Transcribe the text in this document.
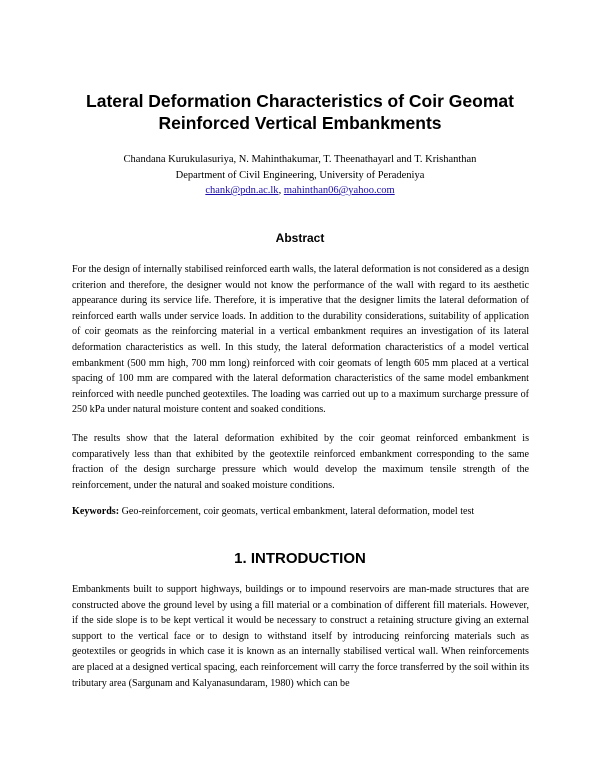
Lateral Deformation Characteristics of Coir Geomat
Reinforced Vertical Embankments
Chandana Kurukulasuriya, N. Mahinthakumar, T. Theenathayarl and T. Krishanthan
Department of Civil Engineering, University of Peradeniya
chank@pdn.ac.lk, mahinthan06@yahoo.com
Abstract

For the design of internally stabilised reinforced earth walls, the lateral deformation is not considered as a design criterion and therefore, the designer would not know the performance of the wall with regard to its aesthetic appearance during its service life. Therefore, it is imperative that the designer limits the lateral deformation of reinforced earth walls under service loads. In addition to the durability considerations, suitability of application of coir geomats as the reinforcing material in a vertical embankment requires an investigation of its lateral deformation characteristics as well. In this study, the lateral deformation characteristics of a model vertical embankment (500 mm high, 700 mm long) reinforced with coir geomats of length 605 mm placed at a vertical spacing of 100 mm are compared with the lateral deformation characteristics of the same model embankment reinforced with needle punched geotextiles. The loading was carried out up to a maximum surcharge pressure of 250 kPa under natural moisture content and soaked conditions.

The results show that the lateral deformation exhibited by the coir geomat reinforced embankment is comparatively less than that exhibited by the geotextile reinforced embankment corresponding to the same fraction of the design surcharge pressure which would develop the maximum tensile strength of the reinforcement, under the natural and soaked moisture conditions.

Keywords: Geo-reinforcement, coir geomats, vertical embankment, lateral deformation, model test

1. INTRODUCTION

Embankments built to support highways, buildings or to impound reservoirs are man-made structures that are constructed above the ground level by using a fill material or a combination of different fill materials. However, if the side slope is to be kept vertical it would be necessary to construct a retaining structure giving an external support to the vertical face or to design to withstand itself by introducing reinforcing materials such as geotextiles or geogrids in which case it is known as an internally stabilised vertical wall. When reinforcements are placed at a designed vertical spacing, each reinforcement will carry the force transferred by the soil within its tributary area (Sargunam and Kalyanasundaram, 1980) which can be
